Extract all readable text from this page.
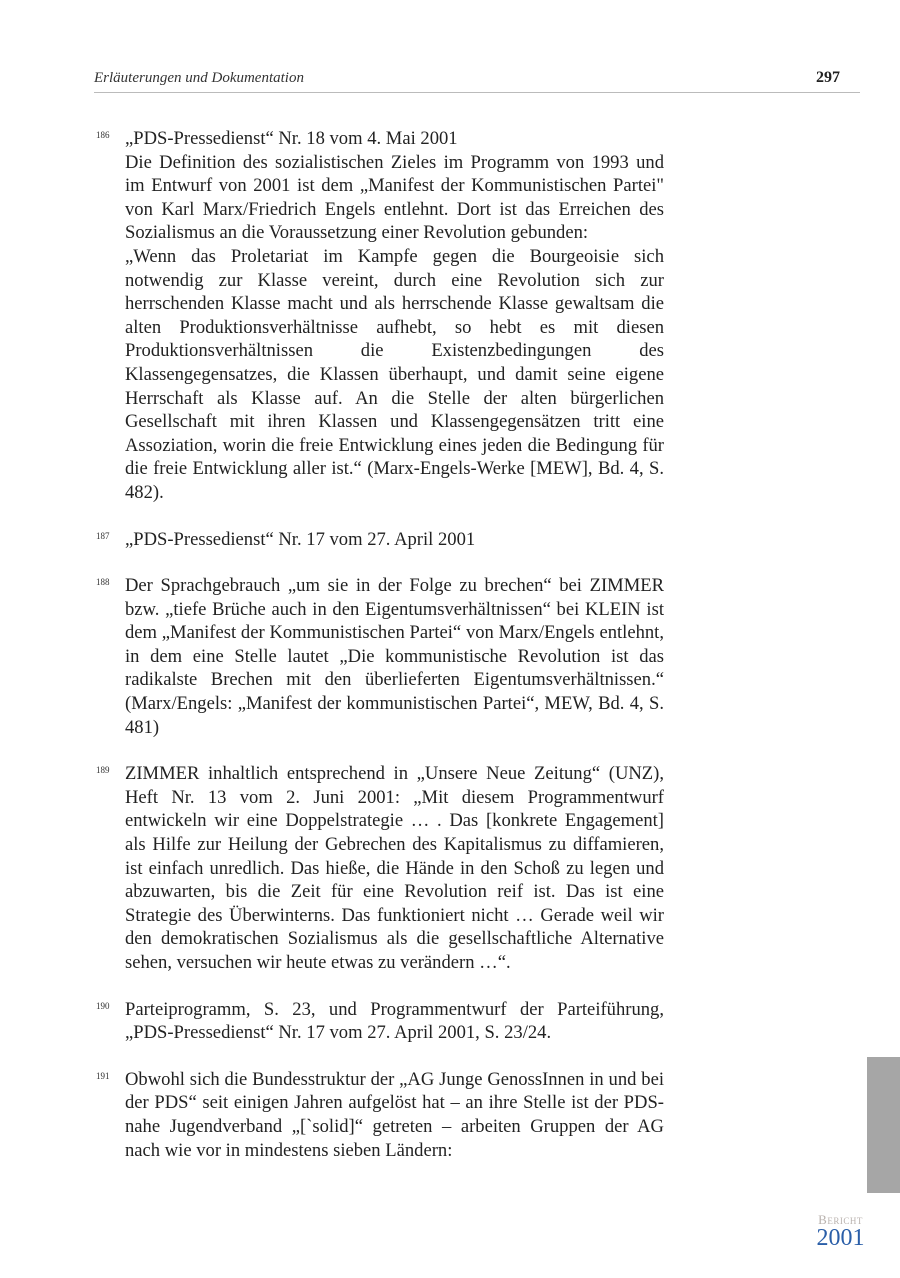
Erläuterungen und Dokumentation	297
186 „PDS-Pressedienst“ Nr. 18 vom 4. Mai 2001

Die Definition des sozialistischen Zieles im Programm von 1993 und im Entwurf von 2001 ist dem „Manifest der Kommunistischen Partei" von Karl Marx/Friedrich Engels entlehnt. Dort ist das Erreichen des Sozialismus an die Voraussetzung einer Revolution gebunden:

„Wenn das Proletariat im Kampfe gegen die Bourgeoisie sich notwendig zur Klasse vereint, durch eine Revolution sich zur herrschenden Klasse macht und als herrschende Klasse gewaltsam die alten Produktionsverhältnisse aufhebt, so hebt es mit diesen Produktionsverhältnissen die Existenzbedingungen des Klassengegensatzes, die Klassen überhaupt, und damit seine eigene Herrschaft als Klasse auf. An die Stelle der alten bürgerlichen Gesellschaft mit ihren Klassen und Klassengegensätzen tritt eine Assoziation, worin die freie Entwicklung eines jeden die Bedingung für die freie Entwicklung aller ist.“ (Marx-Engels-Werke [MEW], Bd. 4, S. 482).

187 „PDS-Pressedienst“ Nr. 17 vom 27. April 2001

188 Der Sprachgebrauch „um sie in der Folge zu brechen“ bei ZIMMER bzw. „tiefe Brüche auch in den Eigentumsverhältnissen“ bei KLEIN ist dem „Manifest der Kommunistischen Partei“ von Marx/Engels entlehnt, in dem eine Stelle lautet „Die kommunistische Revolution ist das radikalste Brechen mit den überlieferten Eigentumsverhältnissen.“ (Marx/Engels: „Manifest der kommunistischen Partei“, MEW, Bd. 4, S. 481)

189 ZIMMER inhaltlich entsprechend in „Unsere Neue Zeitung“ (UNZ), Heft Nr. 13 vom 2. Juni 2001: „Mit diesem Programmentwurf entwickeln wir eine Doppelstrategie … . Das [konkrete Engagement] als Hilfe zur Heilung der Gebrechen des Kapitalismus zu diffamieren, ist einfach unredlich. Das hieße, die Hände in den Schoß zu legen und abzuwarten, bis die Zeit für eine Revolution reif ist. Das ist eine Strategie des Überwinterns. Das funktioniert nicht … Gerade weil wir den demokratischen Sozialismus als die gesellschaftliche Alternative sehen, versuchen wir heute etwas zu verändern …“.

190 Parteiprogramm, S. 23, und Programmentwurf der Parteiführung, „PDS-Pressedienst“ Nr. 17 vom 27. April 2001, S. 23/24.

191 Obwohl sich die Bundesstruktur der „AG Junge GenossInnen in und bei der PDS“ seit einigen Jahren aufgelöst hat – an ihre Stelle ist der PDS-nahe Jugendverband „[`solid]“ getreten – arbeiten Gruppen der AG nach wie vor in mindestens sieben Ländern:

Bericht
2001
